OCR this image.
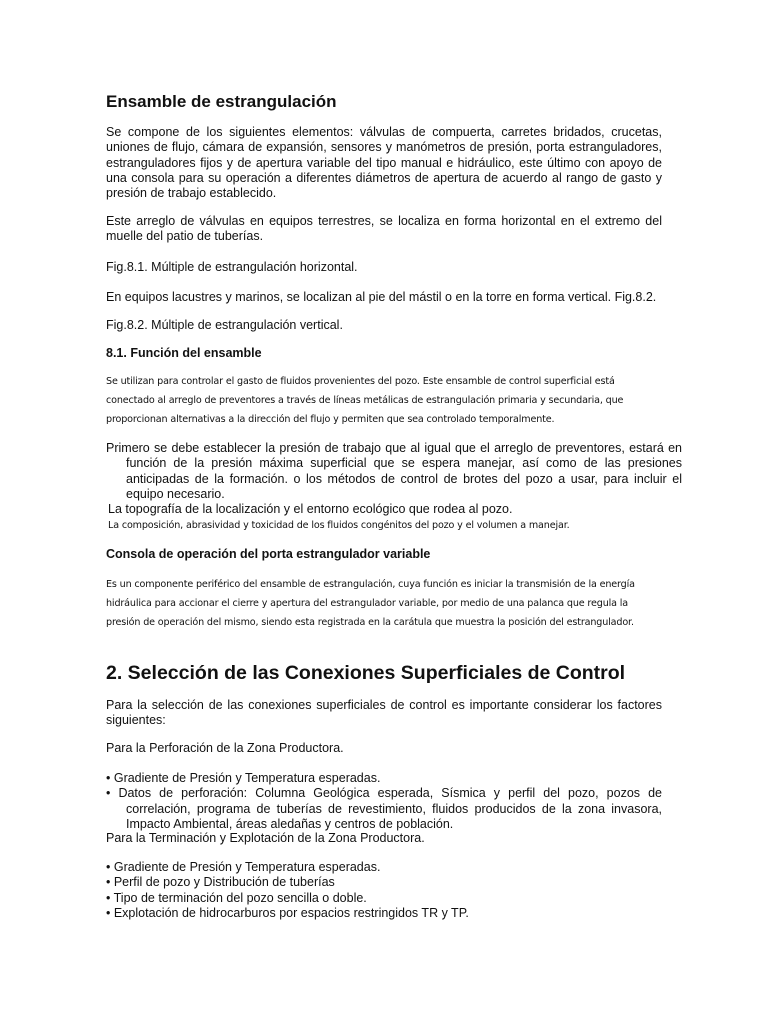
Ensamble de estrangulación

Se compone de los siguientes elementos: válvulas de compuerta, carretes bridados, crucetas, uniones de flujo, cámara de expansión, sensores y manómetros de presión, porta estranguladores, estranguladores fijos y de apertura variable del tipo manual e hidráulico, este último con apoyo de una consola para su operación a diferentes diámetros de apertura de acuerdo al rango de gasto y presión de trabajo establecido.

Este arreglo de válvulas en equipos terrestres, se localiza en forma horizontal en el extremo del muelle del patio de tuberías.

Fig.8.1. Múltiple de estrangulación horizontal.

En equipos lacustres y marinos, se localizan al pie del mástil o en la torre en forma vertical. Fig.8.2.

Fig.8.2. Múltiple de estrangulación vertical.

8.1. Función del ensamble

Se utilizan para controlar el gasto de fluidos provenientes del pozo. Este ensamble de control superficial está conectado al arreglo de preventores a través de líneas metálicas de estrangulación primaria y secundaria, que proporcionan alternativas a la dirección del flujo y permiten que sea controlado temporalmente.

Primero se debe establecer la presión de trabajo que al igual que el arreglo de preventores, estará en función de la presión máxima superficial que se espera manejar, así como de las presiones anticipadas de la formación. o los métodos de control de brotes del pozo a usar, para incluir el equipo necesario.

La topografía de la localización y el entorno ecológico que rodea al pozo.

La composición, abrasividad y toxicidad de los fluidos congénitos del pozo y el volumen a manejar.

Consola de operación del porta estrangulador variable

Es un componente periférico del ensamble de estrangulación, cuya función es iniciar la transmisión de la energía hidráulica para accionar el cierre y apertura del estrangulador variable, por medio de una palanca que regula la presión de operación del mismo, siendo esta registrada en la carátula que muestra la posición del estrangulador.

2. Selección de las Conexiones Superficiales de Control

Para la selección de las conexiones superficiales de control es importante considerar los factores siguientes:

Para la Perforación de la Zona Productora.

• Gradiente de Presión y Temperatura esperadas.
• Datos de perforación: Columna Geológica esperada, Sísmica y perfil del pozo, pozos de correlación, programa de tuberías de revestimiento, fluidos producidos de la zona invasora, Impacto Ambiental, áreas aledañas y centros de población.

Para la Terminación y Explotación de la Zona Productora.

• Gradiente de Presión y Temperatura esperadas.
• Perfil de pozo y Distribución de tuberías
• Tipo de terminación del pozo sencilla o doble.
• Explotación de hidrocarburos por espacios restringidos TR y TP.
